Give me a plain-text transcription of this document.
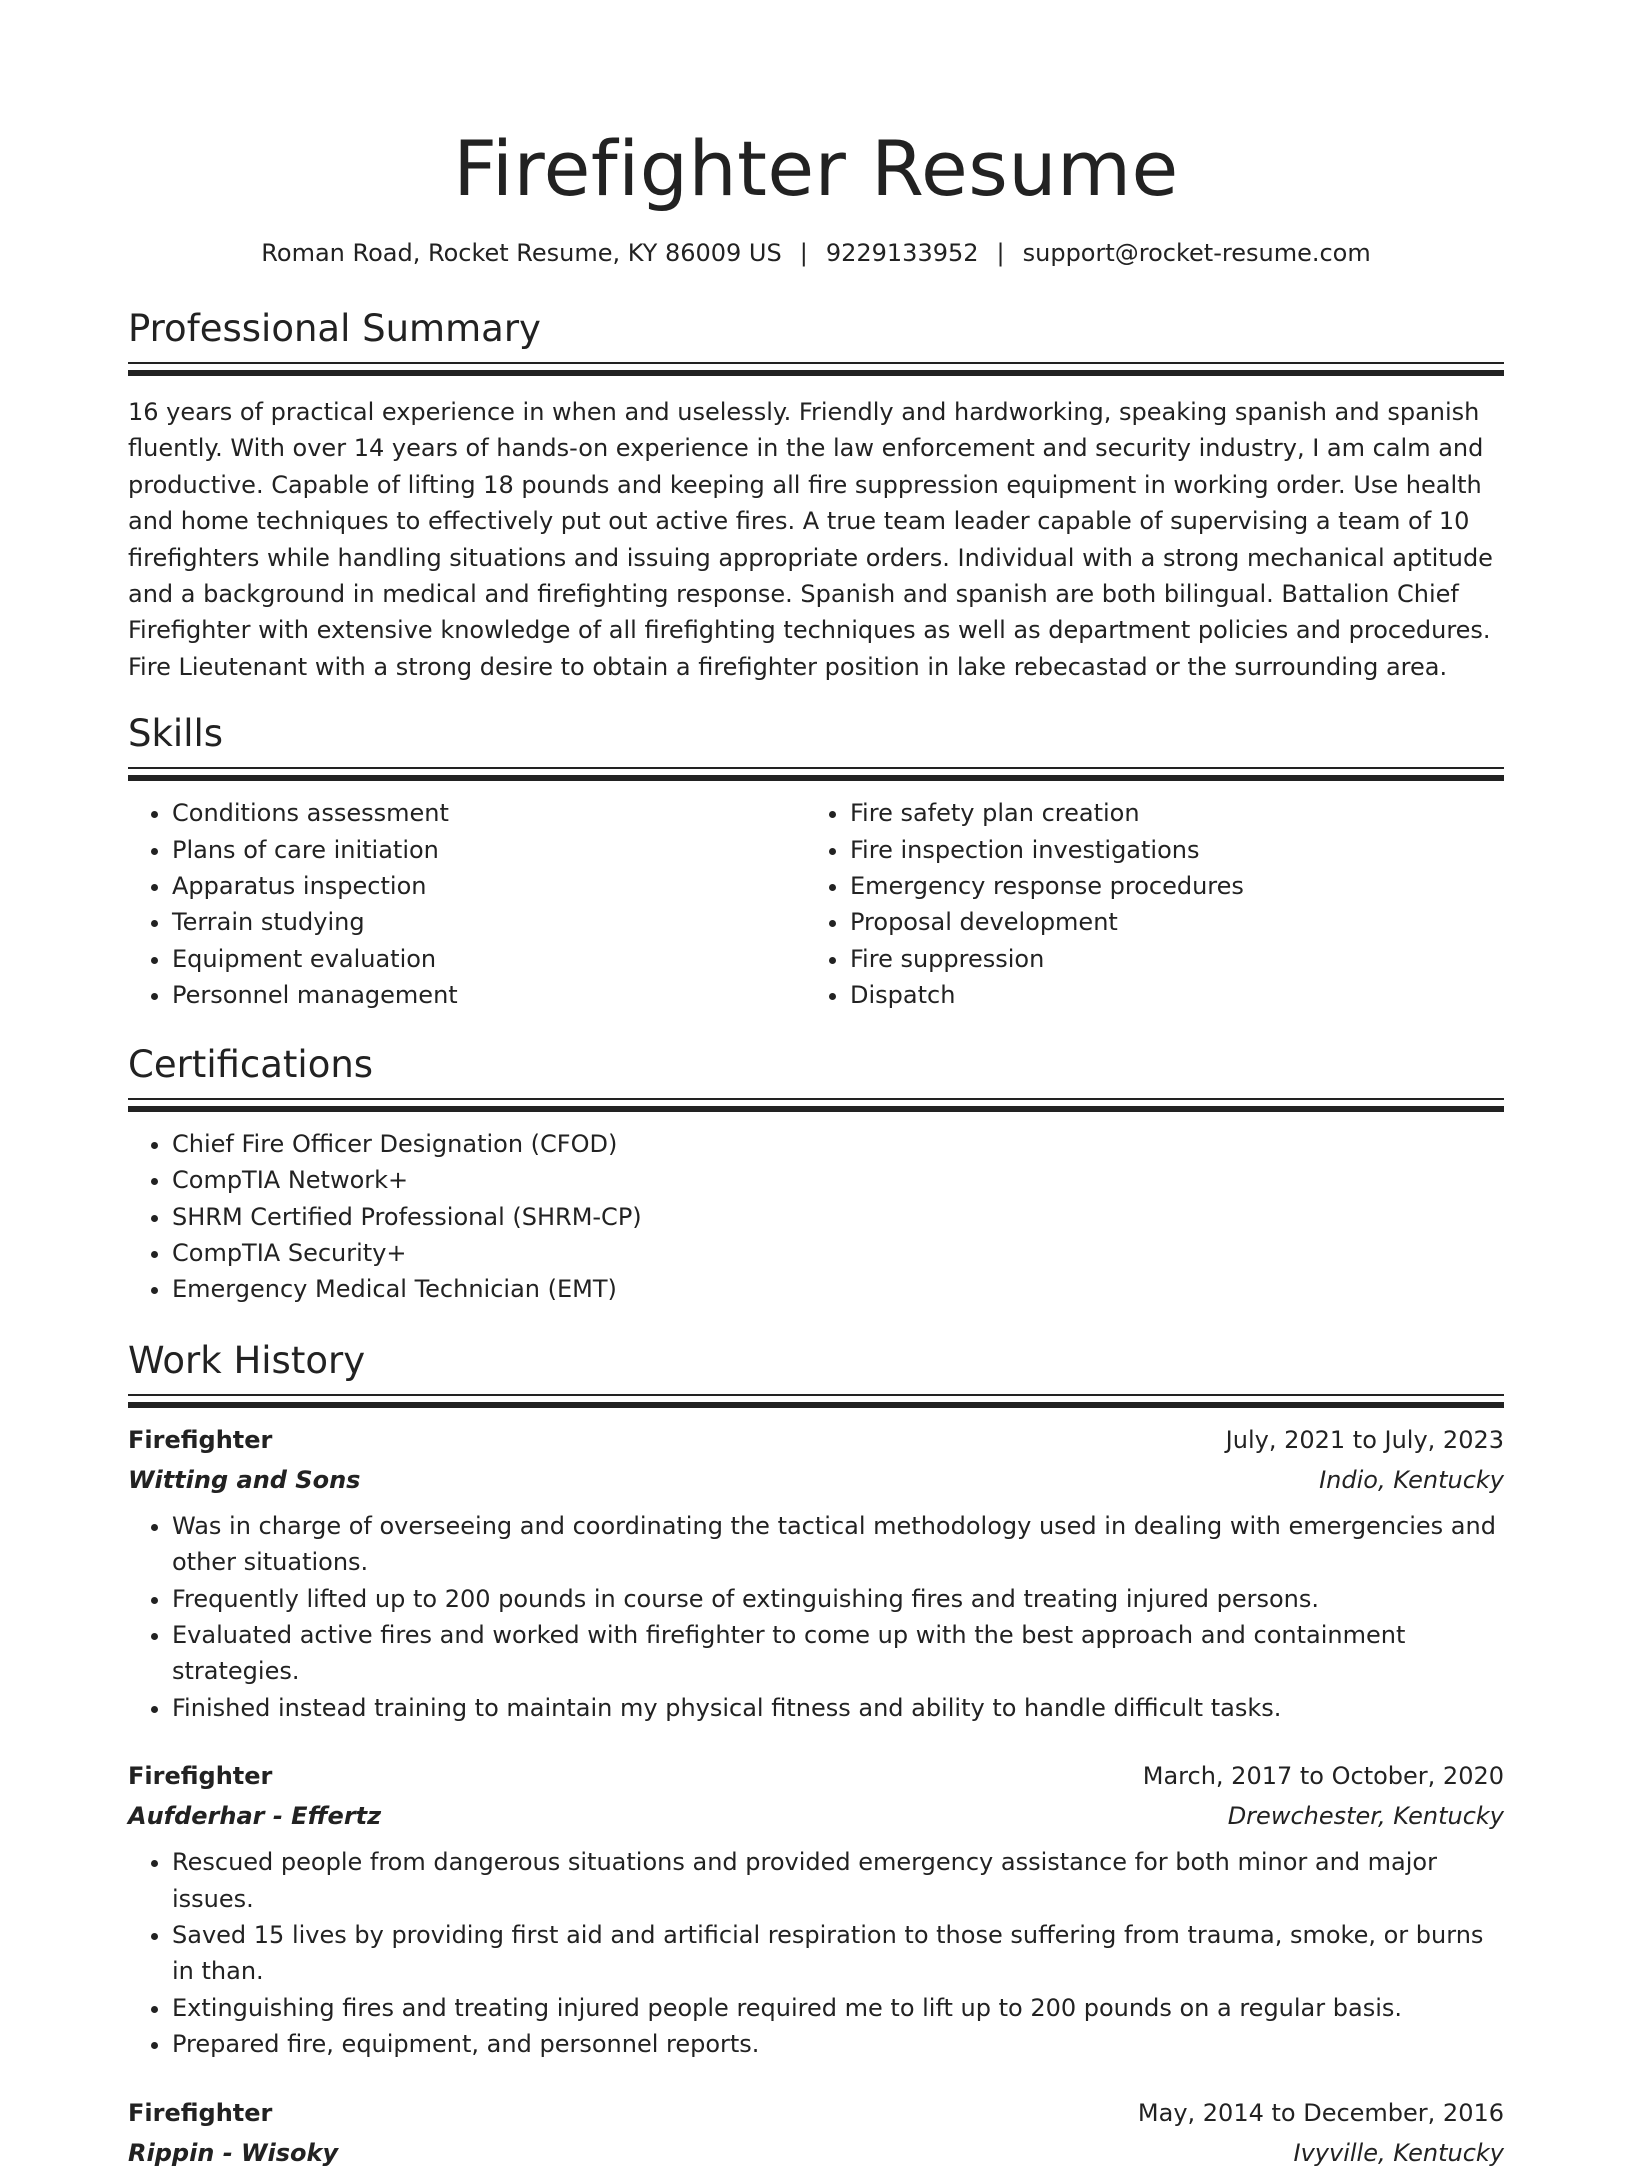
Firefighter Resume
Roman Road, Rocket Resume, KY 86009 US | 9229133952 | support@rocket-resume.com
Professional Summary

16 years of practical experience in when and uselessly. Friendly and hardworking, speaking spanish and spanish fluently. With over 14 years of hands-on experience in the law enforcement and security industry, I am calm and productive. Capable of lifting 18 pounds and keeping all fire suppression equipment in working order. Use health and home techniques to effectively put out active fires. A true team leader capable of supervising a team of 10 firefighters while handling situations and issuing appropriate orders. Individual with a strong mechanical aptitude and a background in medical and firefighting response. Spanish and spanish are both bilingual. Battalion Chief Firefighter with extensive knowledge of all firefighting techniques as well as department policies and procedures. Fire Lieutenant with a strong desire to obtain a firefighter position in lake rebecastad or the surrounding area.

Skills
• Conditions assessment
• Plans of care initiation
• Apparatus inspection
• Terrain studying
• Equipment evaluation
• Personnel management
• Fire safety plan creation
• Fire inspection investigations
• Emergency response procedures
• Proposal development
• Fire suppression
• Dispatch
Certifications
• Chief Fire Officer Designation (CFOD)
• CompTIA Network+
• SHRM Certified Professional (SHRM-CP)
• CompTIA Security+
• Emergency Medical Technician (EMT)
Work History
Firefighter	July, 2021 to July, 2023
Witting and Sons	Indio, Kentucky
• Was in charge of overseeing and coordinating the tactical methodology used in dealing with emergencies and other situations.
• Frequently lifted up to 200 pounds in course of extinguishing fires and treating injured persons.
• Evaluated active fires and worked with firefighter to come up with the best approach and containment strategies.
• Finished instead training to maintain my physical fitness and ability to handle difficult tasks.
Firefighter	March, 2017 to October, 2020
Aufderhar - Effertz	Drewchester, Kentucky
• Rescued people from dangerous situations and provided emergency assistance for both minor and major issues.
• Saved 15 lives by providing first aid and artificial respiration to those suffering from trauma, smoke, or burns in than.
• Extinguishing fires and treating injured people required me to lift up to 200 pounds on a regular basis.
• Prepared fire, equipment, and personnel reports.
Firefighter	May, 2014 to December, 2016
Rippin - Wisoky	Ivyville, Kentucky
